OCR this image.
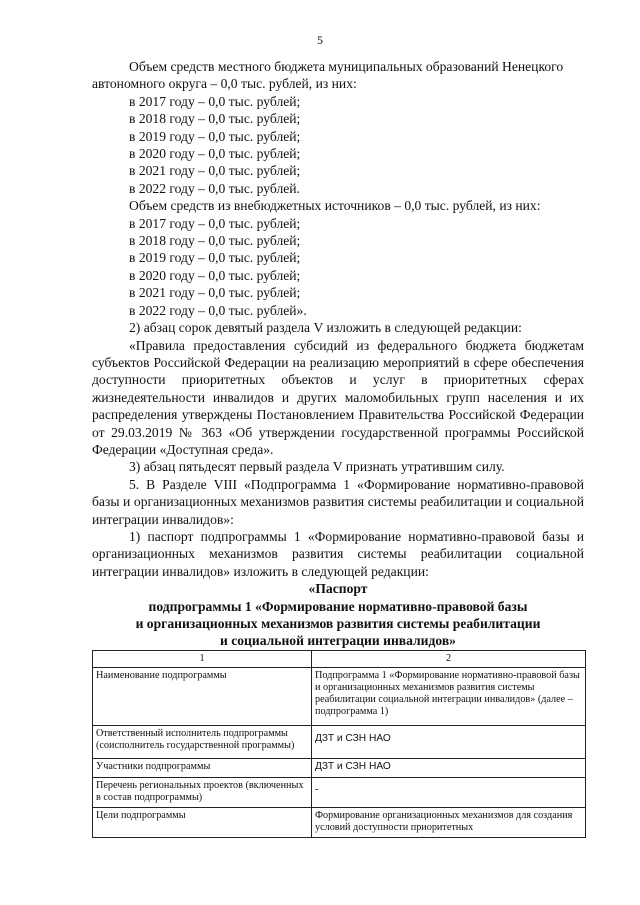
5

Объем средств местного бюджета муниципальных образований Ненецкого

автономного округа – 0,0 тыс. рублей, из них:

в 2017 году – 0,0 тыс. рублей;

в 2018 году – 0,0 тыс. рублей;

в 2019 году – 0,0 тыс. рублей;

в 2020 году – 0,0 тыс. рублей;

в 2021 году – 0,0 тыс. рублей;

в 2022 году – 0,0 тыс. рублей.

Объем средств из внебюджетных источников – 0,0 тыс. рублей, из них:

в 2017 году – 0,0 тыс. рублей;

в 2018 году – 0,0 тыс. рублей;

в 2019 году – 0,0 тыс. рублей;

в 2020 году – 0,0 тыс. рублей;

в 2021 году – 0,0 тыс. рублей;

в 2022 году – 0,0 тыс. рублей».

2) абзац сорок девятый раздела V изложить в следующей редакции:

«Правила предоставления субсидий из федерального бюджета бюджетам субъектов Российской Федерации на реализацию мероприятий в сфере обеспечения доступности приоритетных объектов и услуг в приоритетных сферах жизнедеятельности инвалидов и других маломобильных групп населения и их распределения утверждены Постановлением Правительства Российской Федерации от 29.03.2019 № 363 «Об утверждении государственной программы Российской Федерации «Доступная среда».

3) абзац пятьдесят первый раздела V признать утратившим силу.

5. В Разделе VIII «Подпрограмма 1 «Формирование нормативно-правовой базы и организационных механизмов развития системы реабилитации и социальной интеграции инвалидов»:

1) паспорт подпрограммы 1 «Формирование нормативно-правовой базы и организационных механизмов развития системы реабилитации социальной интеграции инвалидов» изложить в следующей редакции:

«Паспорт

подпрограммы 1 «Формирование нормативно-правовой базы

и организационных механизмов развития системы реабилитации

и социальной интеграции инвалидов»

1	2
Наименование подпрограммы	Подпрограмма 1 «Формирование нормативно-правовой базы и организационных механизмов развития системы реабилитации социальной интеграции инвалидов» (далее – подпрограмма 1)
Ответственный исполнитель подпрограммы (соисполнитель государственной программы)	ДЗТ и СЗН НАО
Участники подпрограммы	ДЗТ и СЗН НАО
Перечень региональных проектов (включенных в состав подпрограммы)	-
Цели подпрограммы	Формирование организационных механизмов для создания условий доступности приоритетных
